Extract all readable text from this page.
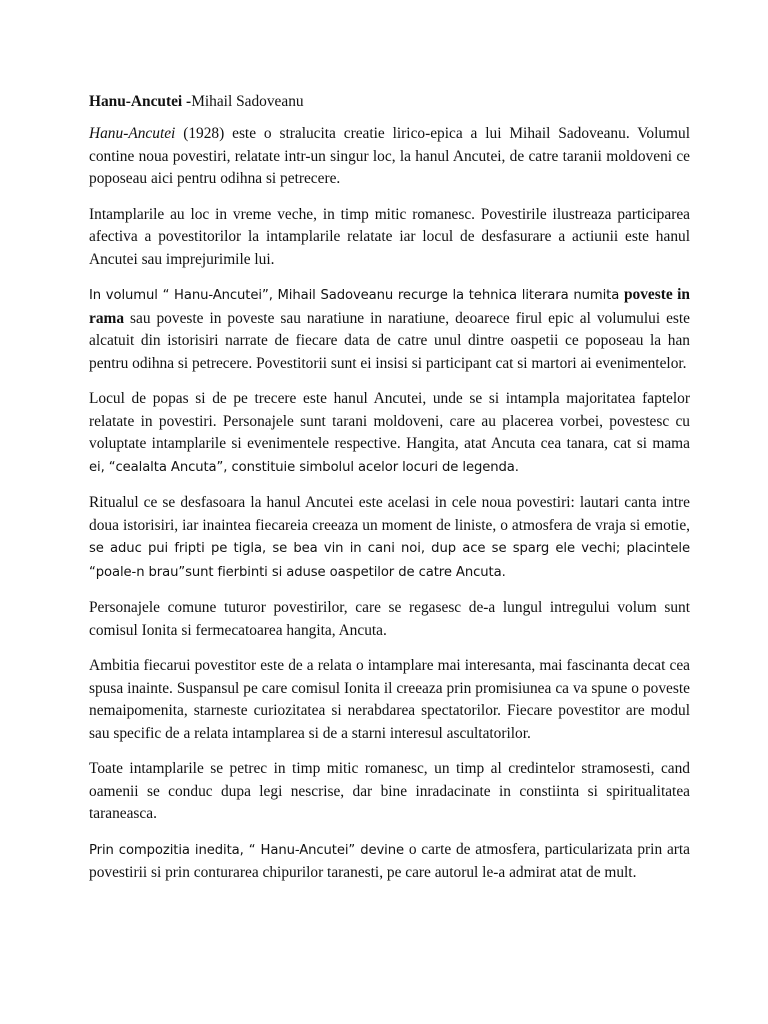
Hanu-Ancutei -Mihail Sadoveanu

Hanu-Ancutei (1928) este o stralucita creatie lirico-epica a lui Mihail Sadoveanu. Volumul contine noua povestiri, relatate intr-un singur loc, la hanul Ancutei, de catre taranii moldoveni ce poposeau aici pentru odihna si petrecere.

Intamplarile au loc in vreme veche, in timp mitic romanesc. Povestirile ilustreaza participarea afectiva a povestitorilor la intamplarile relatate iar locul de desfasurare a actiunii este hanul Ancutei sau imprejurimile lui.

In volumul “ Hanu-Ancutei”, Mihail Sadoveanu recurge la tehnica literara numita poveste in rama sau poveste in poveste sau naratiune in naratiune, deoarece firul epic al volumului este alcatuit din istorisiri narrate de fiecare data de catre unul dintre oaspetii ce poposeau la han pentru odihna si petrecere. Povestitorii sunt ei insisi si participant cat si martori ai evenimentelor.

Locul de popas si de pe trecere este hanul Ancutei, unde se si intampla majoritatea faptelor relatate in povestiri. Personajele sunt tarani moldoveni, care au placerea vorbei, povestesc cu voluptate intamplarile si evenimentele respective. Hangita, atat Ancuta cea tanara, cat si mama ei, “cealalta Ancuta”, constituie simbolul acelor locuri de legenda.

Ritualul ce se desfasoara la hanul Ancutei este acelasi in cele noua povestiri: lautari canta intre doua istorisiri, iar inaintea fiecareia creeaza un moment de liniste, o atmosfera de vraja si emotie, se aduc pui fripti pe tigla, se bea vin in cani noi, dup ace se sparg ele vechi; placintele “poale-n brau”sunt fierbinti si aduse oaspetilor de catre Ancuta.

Personajele comune tuturor povestirilor, care se regasesc de-a lungul intregului volum sunt comisul Ionita si fermecatoarea hangita, Ancuta.

Ambitia fiecarui povestitor este de a relata o intamplare mai interesanta, mai fascinanta decat cea spusa inainte. Suspansul pe care comisul Ionita il creeaza prin promisiunea ca va spune o poveste nemaipomenita, starneste curiozitatea si nerabdarea spectatorilor. Fiecare povestitor are modul sau specific de a relata intamplarea si de a starni interesul ascultatorilor.

Toate intamplarile se petrec in timp mitic romanesc, un timp al credintelor stramosesti, cand oamenii se conduc dupa legi nescrise, dar bine inradacinate in constiinta si spiritualitatea taraneasca.

Prin compozitia inedita, “ Hanu-Ancutei” devine o carte de atmosfera, particularizata prin arta povestirii si prin conturarea chipurilor taranesti, pe care autorul le-a admirat atat de mult.
